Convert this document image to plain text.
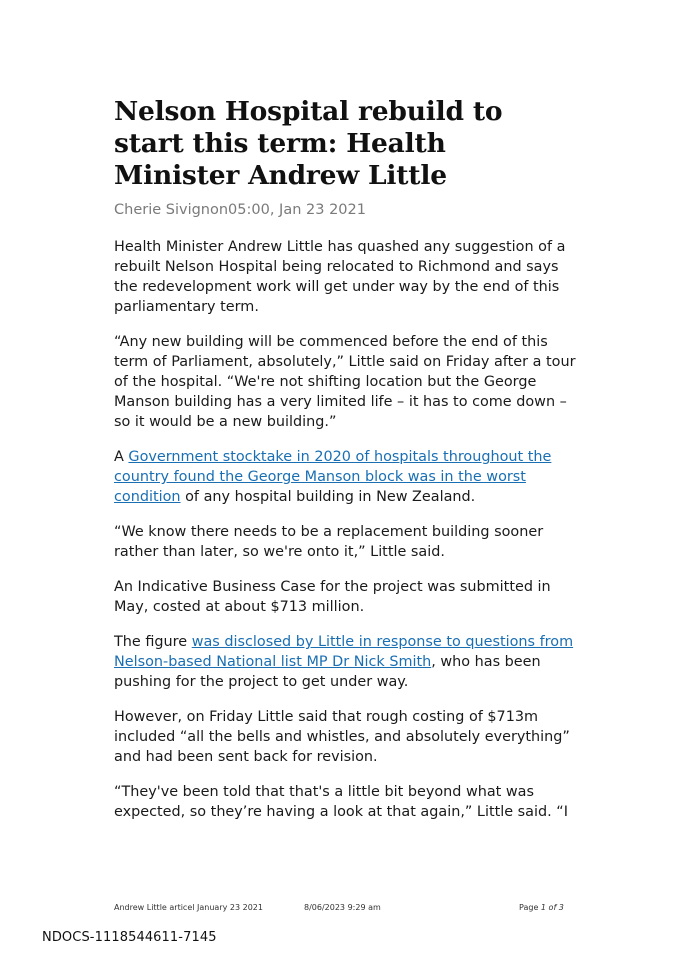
Nelson Hospital rebuild to start this term: Health Minister Andrew Little

Cherie Sivignon05:00, Jan 23 2021

Health Minister Andrew Little has quashed any suggestion of a rebuilt Nelson Hospital being relocated to Richmond and says the redevelopment work will get under way by the end of this parliamentary term.

“Any new building will be commenced before the end of this term of Parliament, absolutely,” Little said on Friday after a tour of the hospital. “We're not shifting location but the George Manson building has a very limited life – it has to come down – so it would be a new building.”

A Government stocktake in 2020 of hospitals throughout the country found the George Manson block was in the worst condition of any hospital building in New Zealand.

“We know there needs to be a replacement building sooner rather than later, so we're onto it,” Little said.

An Indicative Business Case for the project was submitted in May, costed at about $713 million.

The figure was disclosed by Little in response to questions from Nelson-based National list MP Dr Nick Smith, who has been pushing for the project to get under way.

However, on Friday Little said that rough costing of $713m included “all the bells and whistles, and absolutely everything” and had been sent back for revision.

“They've been told that that's a little bit beyond what was expected, so they’re having a look at that again,” Little said. “I

Andrew Little articel January 23 2021	8/06/2023 9:29 am	Page 1 of 3
NDOCS-1118544611-7145
